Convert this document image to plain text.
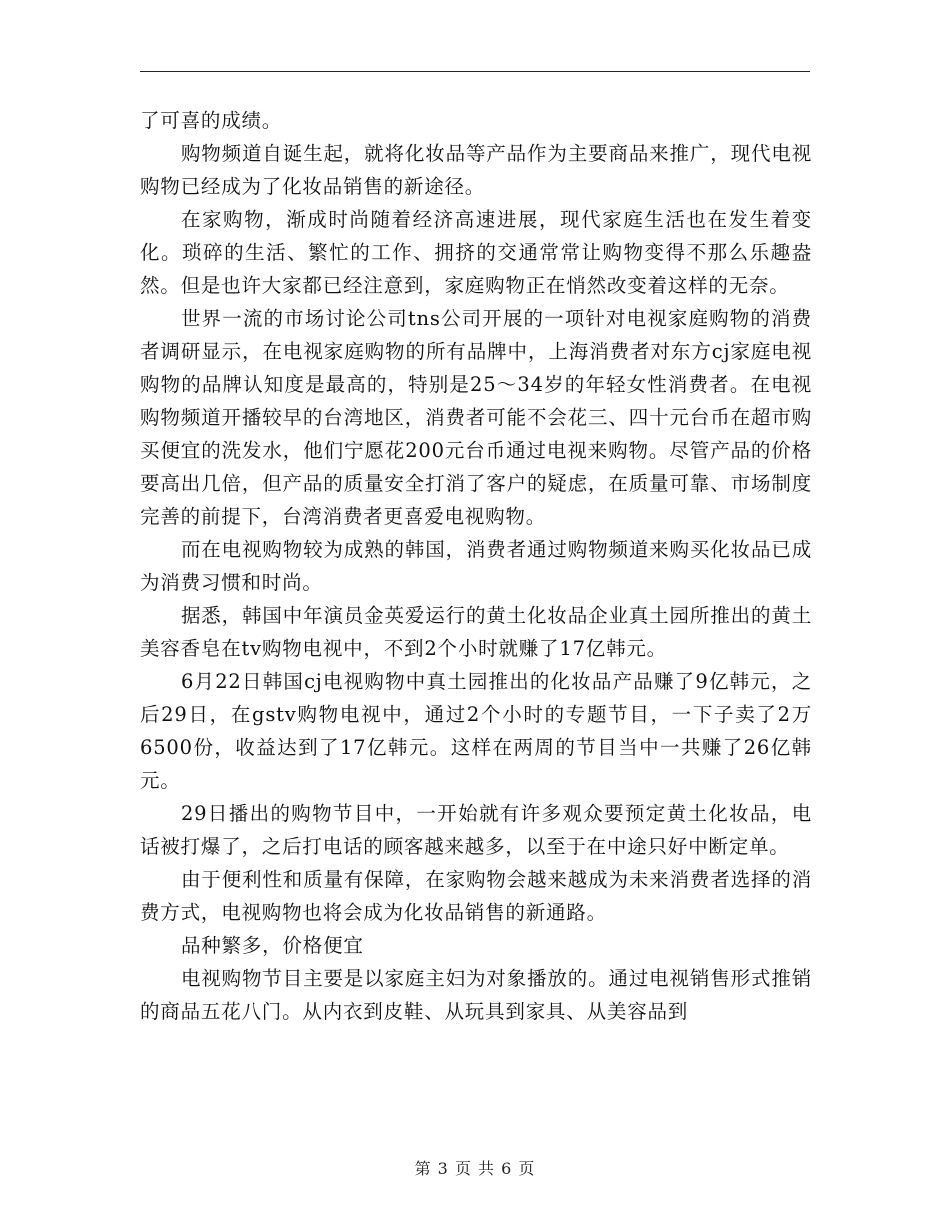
了可喜的成绩。

购物频道自诞生起，就将化妆品等产品作为主要商品来推广，现代电视购物已经成为了化妆品销售的新途径。

在家购物，渐成时尚随着经济高速进展，现代家庭生活也在发生着变化。琐碎的生活、繁忙的工作、拥挤的交通常常让购物变得不那么乐趣盎然。但是也许大家都已经注意到，家庭购物正在悄然改变着这样的无奈。

世界一流的市场讨论公司tns公司开展的一项针对电视家庭购物的消费者调研显示，在电视家庭购物的所有品牌中，上海消费者对东方cj家庭电视购物的品牌认知度是最高的，特别是25～34岁的年轻女性消费者。在电视购物频道开播较早的台湾地区，消费者可能不会花三、四十元台币在超市购买便宜的洗发水，他们宁愿花200元台币通过电视来购物。尽管产品的价格要高出几倍，但产品的质量安全打消了客户的疑虑，在质量可靠、市场制度完善的前提下，台湾消费者更喜爱电视购物。

而在电视购物较为成熟的韩国，消费者通过购物频道来购买化妆品已成为消费习惯和时尚。

据悉，韩国中年演员金英爱运行的黄土化妆品企业真土园所推出的黄土美容香皂在tv购物电视中，不到2个小时就赚了17亿韩元。

6月22日韩国cj电视购物中真土园推出的化妆品产品赚了9亿韩元，之后29日，在gstv购物电视中，通过2个小时的专题节目，一下子卖了2万6500份，收益达到了17亿韩元。这样在两周的节目当中一共赚了26亿韩元。

29日播出的购物节目中，一开始就有许多观众要预定黄土化妆品，电话被打爆了，之后打电话的顾客越来越多，以至于在中途只好中断定单。

由于便利性和质量有保障，在家购物会越来越成为未来消费者选择的消费方式，电视购物也将会成为化妆品销售的新通路。

品种繁多，价格便宜

电视购物节目主要是以家庭主妇为对象播放的。通过电视销售形式推销的商品五花八门。从内衣到皮鞋、从玩具到家具、从美容品到

第 3 页 共 6 页
